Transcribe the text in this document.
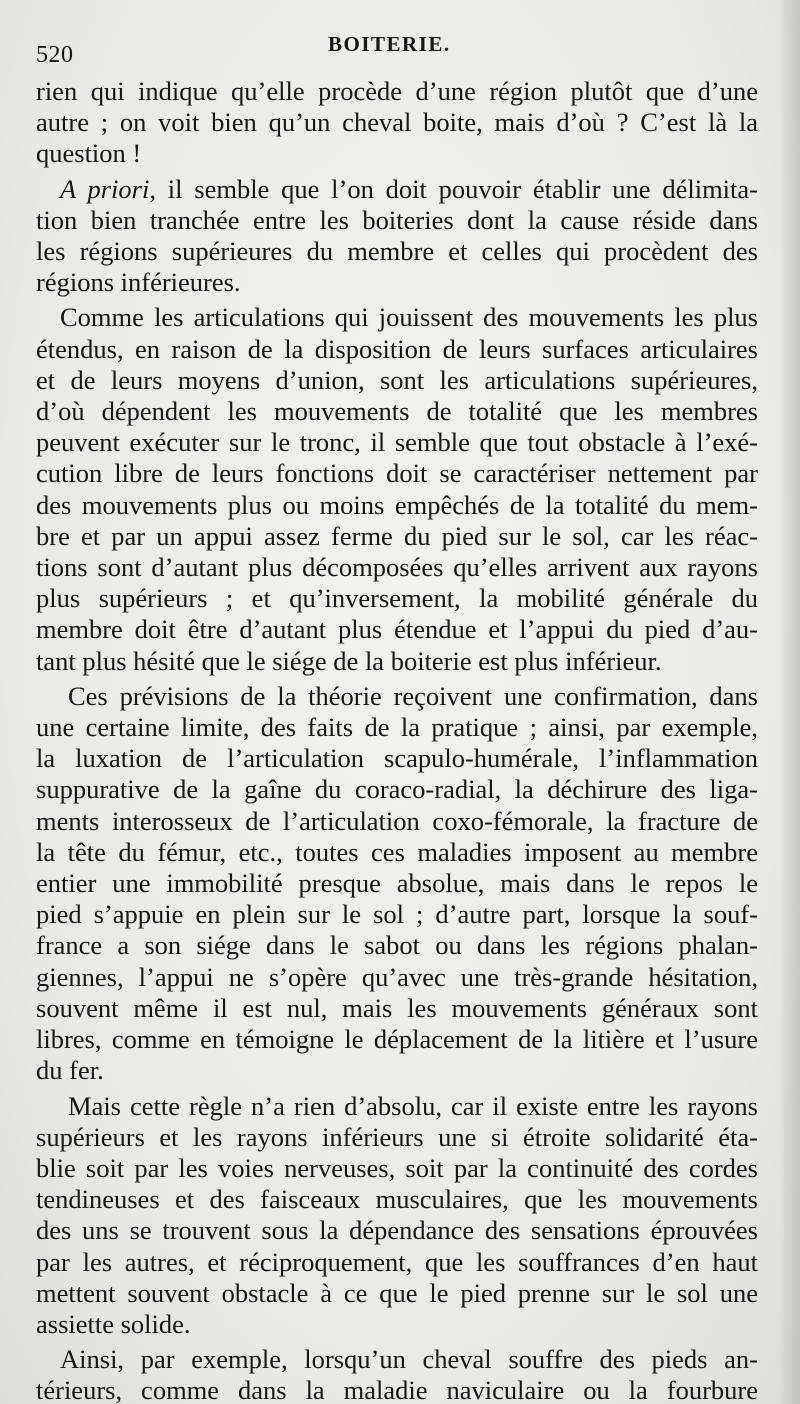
520	BOITERIE.
rien qui indique qu’elle procède d’une région plutôt que d’une
autre ; on voit bien qu’un cheval boite, mais d’où ? C’est là la
question !
A priori, il semble que l’on doit pouvoir établir une délimita-
tion bien tranchée entre les boiteries dont la cause réside dans
les régions supérieures du membre et celles qui procèdent des
régions inférieures.
Comme les articulations qui jouissent des mouvements les plus
étendus, en raison de la disposition de leurs surfaces articulaires
et de leurs moyens d’union, sont les articulations supérieures,
d’où dépendent les mouvements de totalité que les membres
peuvent exécuter sur le tronc, il semble que tout obstacle à l’exé-
cution libre de leurs fonctions doit se caractériser nettement par
des mouvements plus ou moins empêchés de la totalité du mem-
bre et par un appui assez ferme du pied sur le sol, car les réac-
tions sont d’autant plus décomposées qu’elles arrivent aux rayons
plus supérieurs ; et qu’inversement, la mobilité générale du
membre doit être d’autant plus étendue et l’appui du pied d’au-
tant plus hésité que le siége de la boiterie est plus inférieur.
Ces prévisions de la théorie reçoivent une confirmation, dans
une certaine limite, des faits de la pratique ; ainsi, par exemple,
la luxation de l’articulation scapulo-humérale, l’inflammation
suppurative de la gaîne du coraco-radial, la déchirure des liga-
ments interosseux de l’articulation coxo-fémorale, la fracture de
la tête du fémur, etc., toutes ces maladies imposent au membre
entier une immobilité presque absolue, mais dans le repos le
pied s’appuie en plein sur le sol ; d’autre part, lorsque la souf-
france a son siége dans le sabot ou dans les régions phalan-
giennes, l’appui ne s’opère qu’avec une très-grande hésitation,
souvent même il est nul, mais les mouvements généraux sont
libres, comme en témoigne le déplacement de la litière et l’usure
du fer.
Mais cette règle n’a rien d’absolu, car il existe entre les rayons
supérieurs et les rayons inférieurs une si étroite solidarité éta-
blie soit par les voies nerveuses, soit par la continuité des cordes
tendineuses et des faisceaux musculaires, que les mouvements
des uns se trouvent sous la dépendance des sensations éprouvées
par les autres, et réciproquement, que les souffrances d’en haut
mettent souvent obstacle à ce que le pied prenne sur le sol une
assiette solide.
Ainsi, par exemple, lorsqu’un cheval souffre des pieds an-
térieurs, comme dans la maladie naviculaire ou la fourbure
